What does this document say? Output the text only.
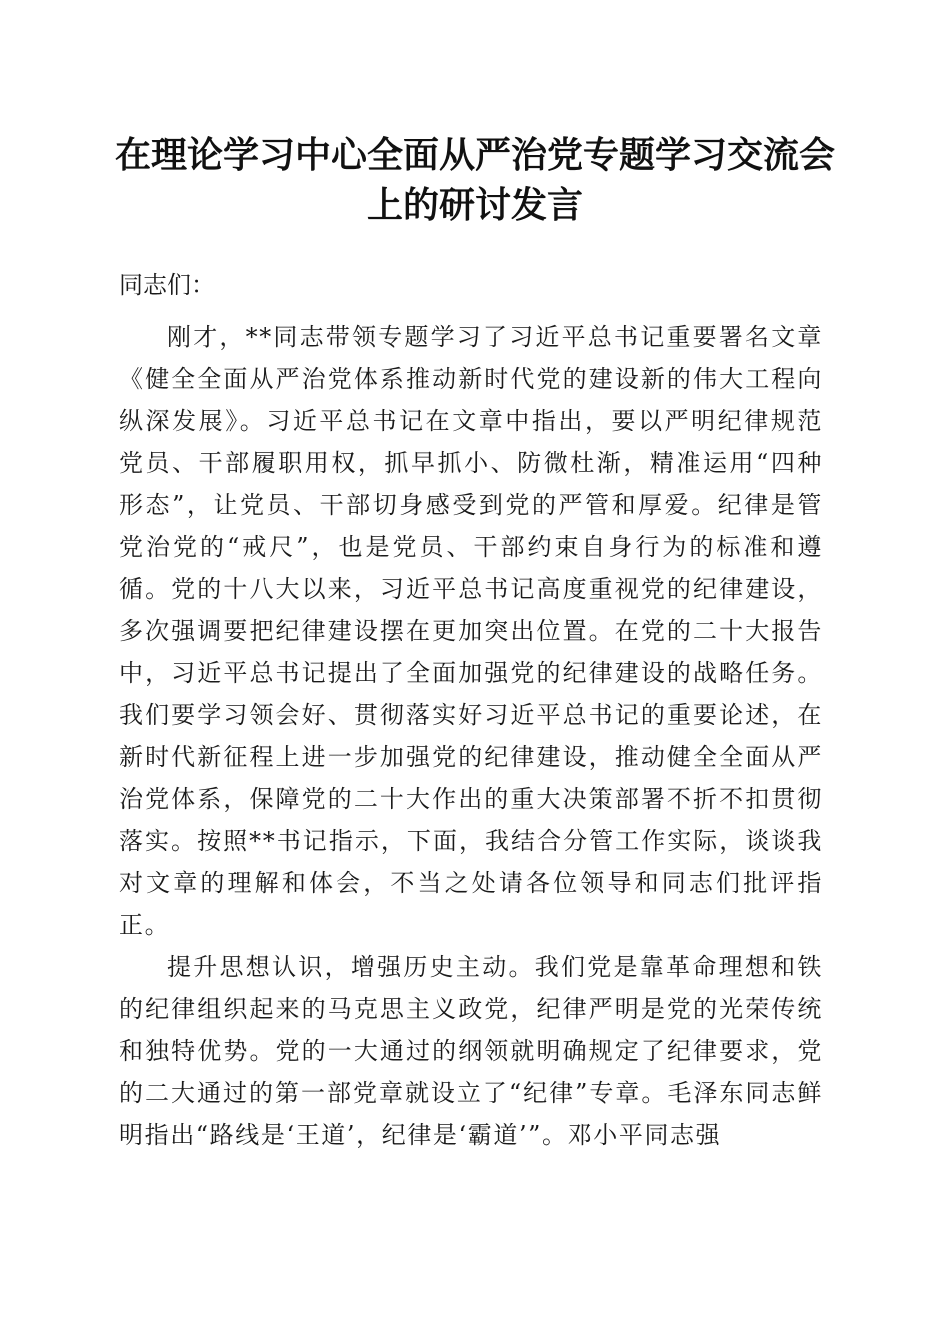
在理论学习中心全面从严治党专题学习交流会
上的研讨发言

同志们：

刚才，**同志带领专题学习了习近平总书记重要署名文章《健全全面从严治党体系推动新时代党的建设新的伟大工程向纵深发展》。习近平总书记在文章中指出，要以严明纪律规范党员、干部履职用权，抓早抓小、防微杜渐，精准运用“四种形态”，让党员、干部切身感受到党的严管和厚爱。纪律是管党治党的“戒尺”，也是党员、干部约束自身行为的标准和遵循。党的十八大以来，习近平总书记高度重视党的纪律建设，多次强调要把纪律建设摆在更加突出位置。在党的二十大报告中，习近平总书记提出了全面加强党的纪律建设的战略任务。我们要学习领会好、贯彻落实好习近平总书记的重要论述，在新时代新征程上进一步加强党的纪律建设，推动健全全面从严治党体系，保障党的二十大作出的重大决策部署不折不扣贯彻落实。按照**书记指示，下面，我结合分管工作实际，谈谈我对文章的理解和体会，不当之处请各位领导和同志们批评指正。

提升思想认识，增强历史主动。我们党是靠革命理想和铁的纪律组织起来的马克思主义政党，纪律严明是党的光荣传统和独特优势。党的一大通过的纲领就明确规定了纪律要求，党的二大通过的第一部党章就设立了“纪律”专章。毛泽东同志鲜明指出“路线是‘王道’，纪律是‘霸道’”。邓小平同志强
